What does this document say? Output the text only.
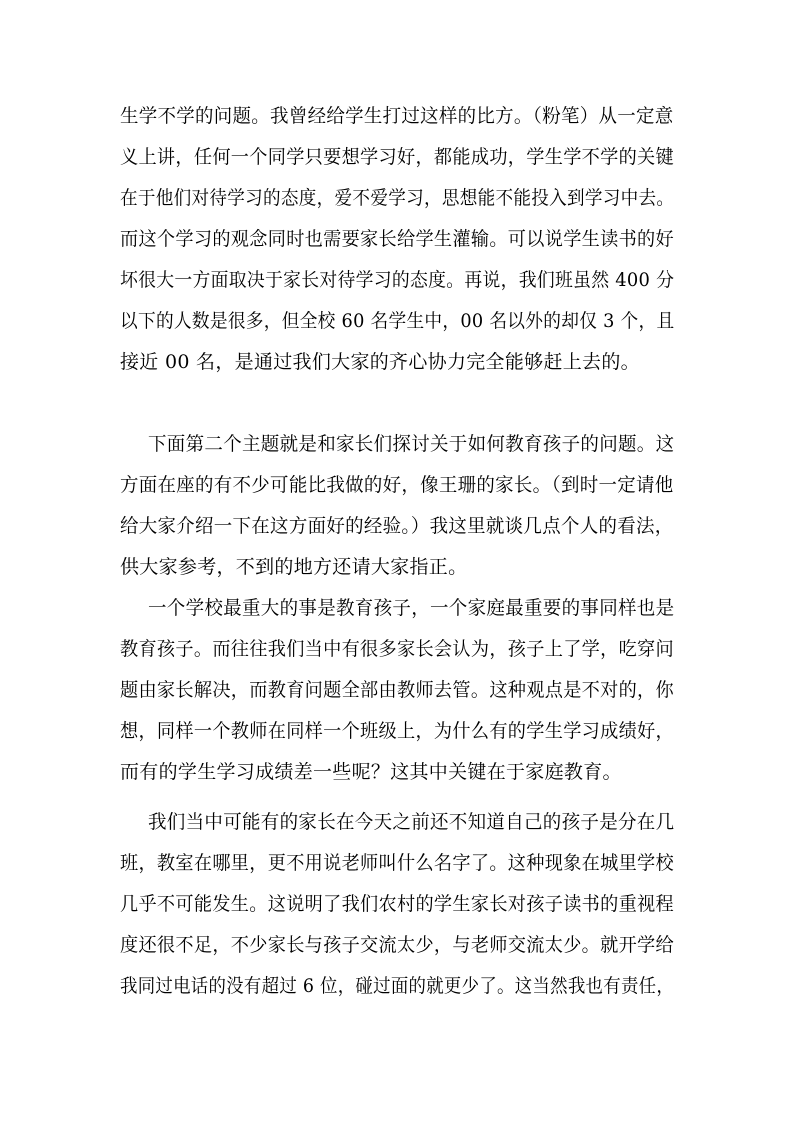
生学不学的问题。我曾经给学生打过这样的比方。（粉笔）从一定意
义上讲，任何一个同学只要想学习好，都能成功，学生学不学的关键
在于他们对待学习的态度，爱不爱学习，思想能不能投入到学习中去。
而这个学习的观念同时也需要家长给学生灌输。可以说学生读书的好
坏很大一方面取决于家长对待学习的态度。再说，我们班虽然 400 分
以下的人数是很多，但全校 60 名学生中，00 名以外的却仅 3 个，且
接近 00 名，是通过我们大家的齐心协力完全能够赶上去的。
下面第二个主题就是和家长们探讨关于如何教育孩子的问题。这
方面在座的有不少可能比我做的好，像王珊的家长。（到时一定请他
给大家介绍一下在这方面好的经验。）我这里就谈几点个人的看法，
供大家参考，不到的地方还请大家指正。
一个学校最重大的事是教育孩子，一个家庭最重要的事同样也是
教育孩子。而往往我们当中有很多家长会认为，孩子上了学，吃穿问
题由家长解决，而教育问题全部由教师去管。这种观点是不对的，你
想，同样一个教师在同样一个班级上，为什么有的学生学习成绩好，
而有的学生学习成绩差一些呢？这其中关键在于家庭教育。
我们当中可能有的家长在今天之前还不知道自己的孩子是分在几
班，教室在哪里，更不用说老师叫什么名字了。这种现象在城里学校
几乎不可能发生。这说明了我们农村的学生家长对孩子读书的重视程
度还很不足，不少家长与孩子交流太少，与老师交流太少。就开学给
我同过电话的没有超过 6 位，碰过面的就更少了。这当然我也有责任，
